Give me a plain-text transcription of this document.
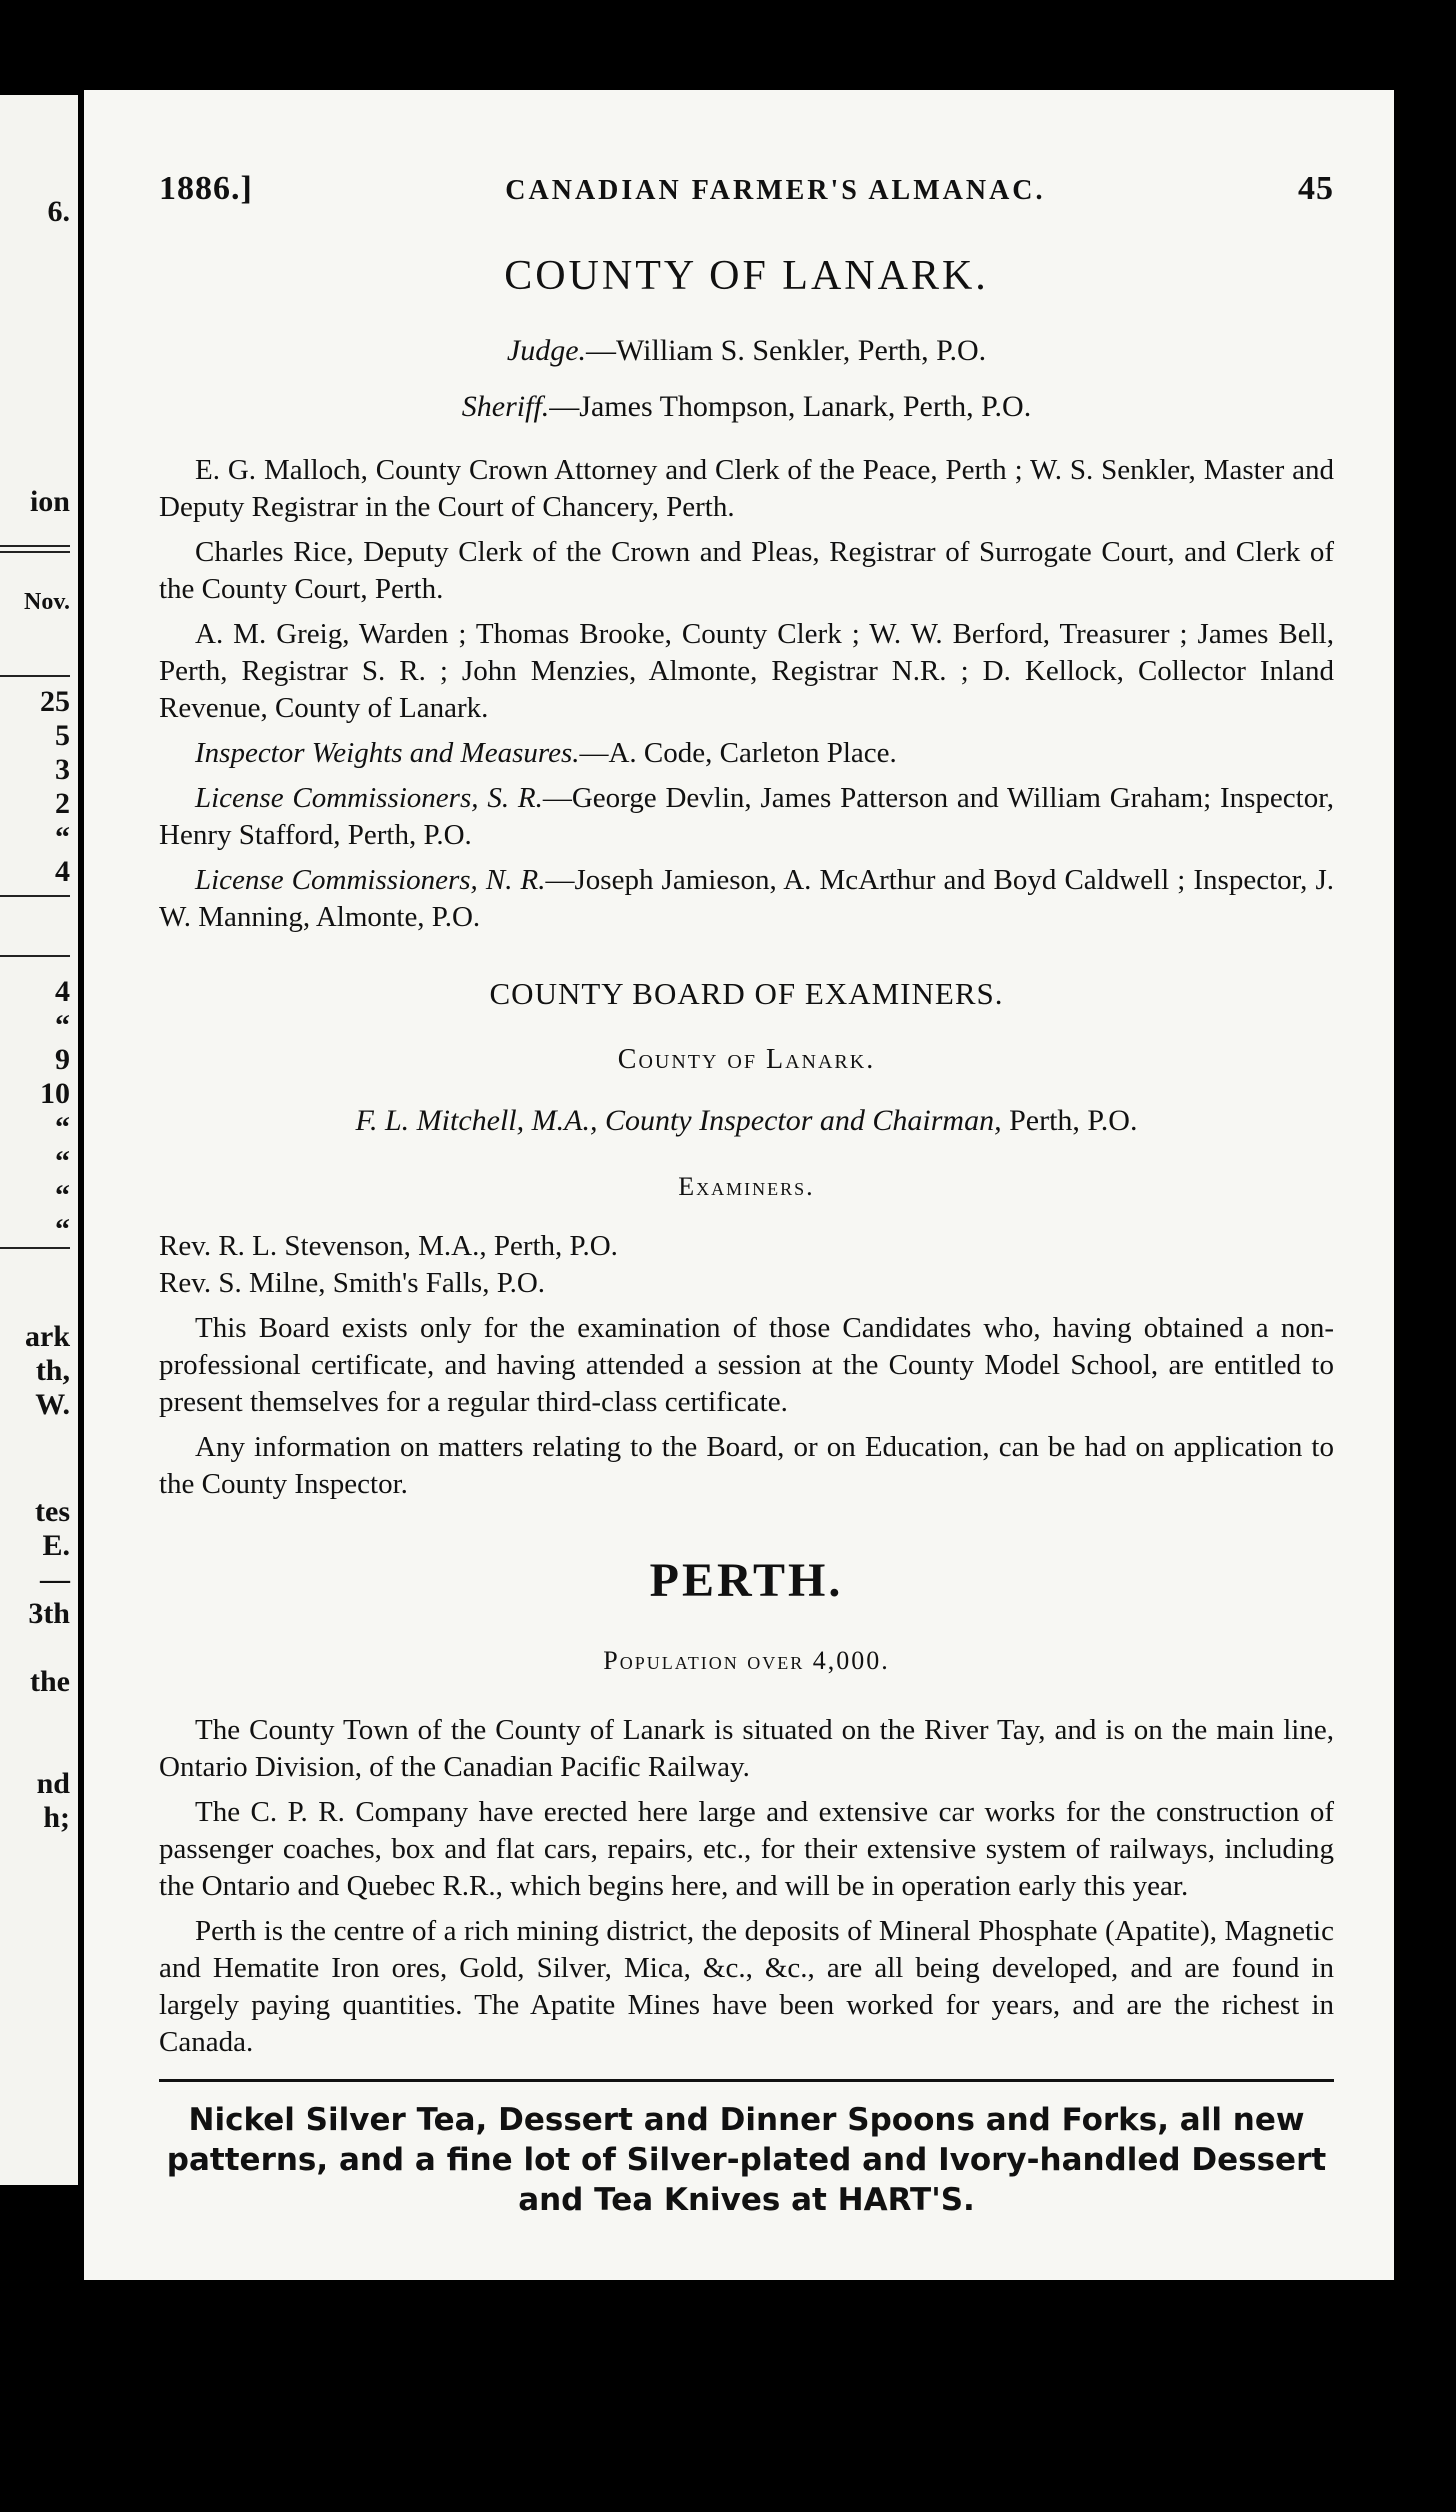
6.
ion
Nov.
25
5
3
2
“
4
4
“
9
10
“
“
“
“
ark
th,
W.
tes
E.
—
3th
the
nd
h;
1886.]	CANADIAN FARMER'S ALMANAC.	45
COUNTY OF LANARK.
Judge.—William S. Senkler, Perth, P.O.
Sheriff.—James Thompson, Lanark, Perth, P.O.

E. G. Malloch, County Crown Attorney and Clerk of the Peace, Perth ; W. S. Senkler, Master and Deputy Registrar in the Court of Chancery, Perth.

Charles Rice, Deputy Clerk of the Crown and Pleas, Registrar of Surrogate Court, and Clerk of the County Court, Perth.

A. M. Greig, Warden ; Thomas Brooke, County Clerk ; W. W. Berford, Treasurer ; James Bell, Perth, Registrar S. R. ; John Menzies, Almonte, Registrar N.R. ; D. Kellock, Collector Inland Revenue, County of Lanark.

Inspector Weights and Measures.—A. Code, Carleton Place.

License Commissioners, S. R.—George Devlin, James Patterson and William Graham; Inspector, Henry Stafford, Perth, P.O.

License Commissioners, N. R.—Joseph Jamieson, A. McArthur and Boyd Caldwell ; Inspector, J. W. Manning, Almonte, P.O.

COUNTY BOARD OF EXAMINERS.
County of Lanark.
F. L. Mitchell, M.A., County Inspector and Chairman, Perth, P.O.
Examiners.

Rev. R. L. Stevenson, M.A., Perth, P.O.

Rev. S. Milne, Smith's Falls, P.O.

This Board exists only for the examination of those Candidates who, having obtained a non-professional certificate, and having attended a session at the County Model School, are entitled to present themselves for a regular third-class certificate.

Any information on matters relating to the Board, or on Education, can be had on application to the County Inspector.

PERTH.
Population over 4,000.

The County Town of the County of Lanark is situated on the River Tay, and is on the main line, Ontario Division, of the Canadian Pacific Railway.

The C. P. R. Company have erected here large and extensive car works for the construction of passenger coaches, box and flat cars, repairs, etc., for their extensive system of railways, including the Ontario and Quebec R.R., which begins here, and will be in operation early this year.

Perth is the centre of a rich mining district, the deposits of Mineral Phosphate (Apatite), Magnetic and Hematite Iron ores, Gold, Silver, Mica, &c., &c., are all being developed, and are found in largely paying quantities. The Apatite Mines have been worked for years, and are the richest in Canada.

Nickel Silver Tea, Dessert and Dinner Spoons and Forks, all new patterns, and a fine lot of Silver-plated and Ivory-handled Dessert and Tea Knives at HART'S.
